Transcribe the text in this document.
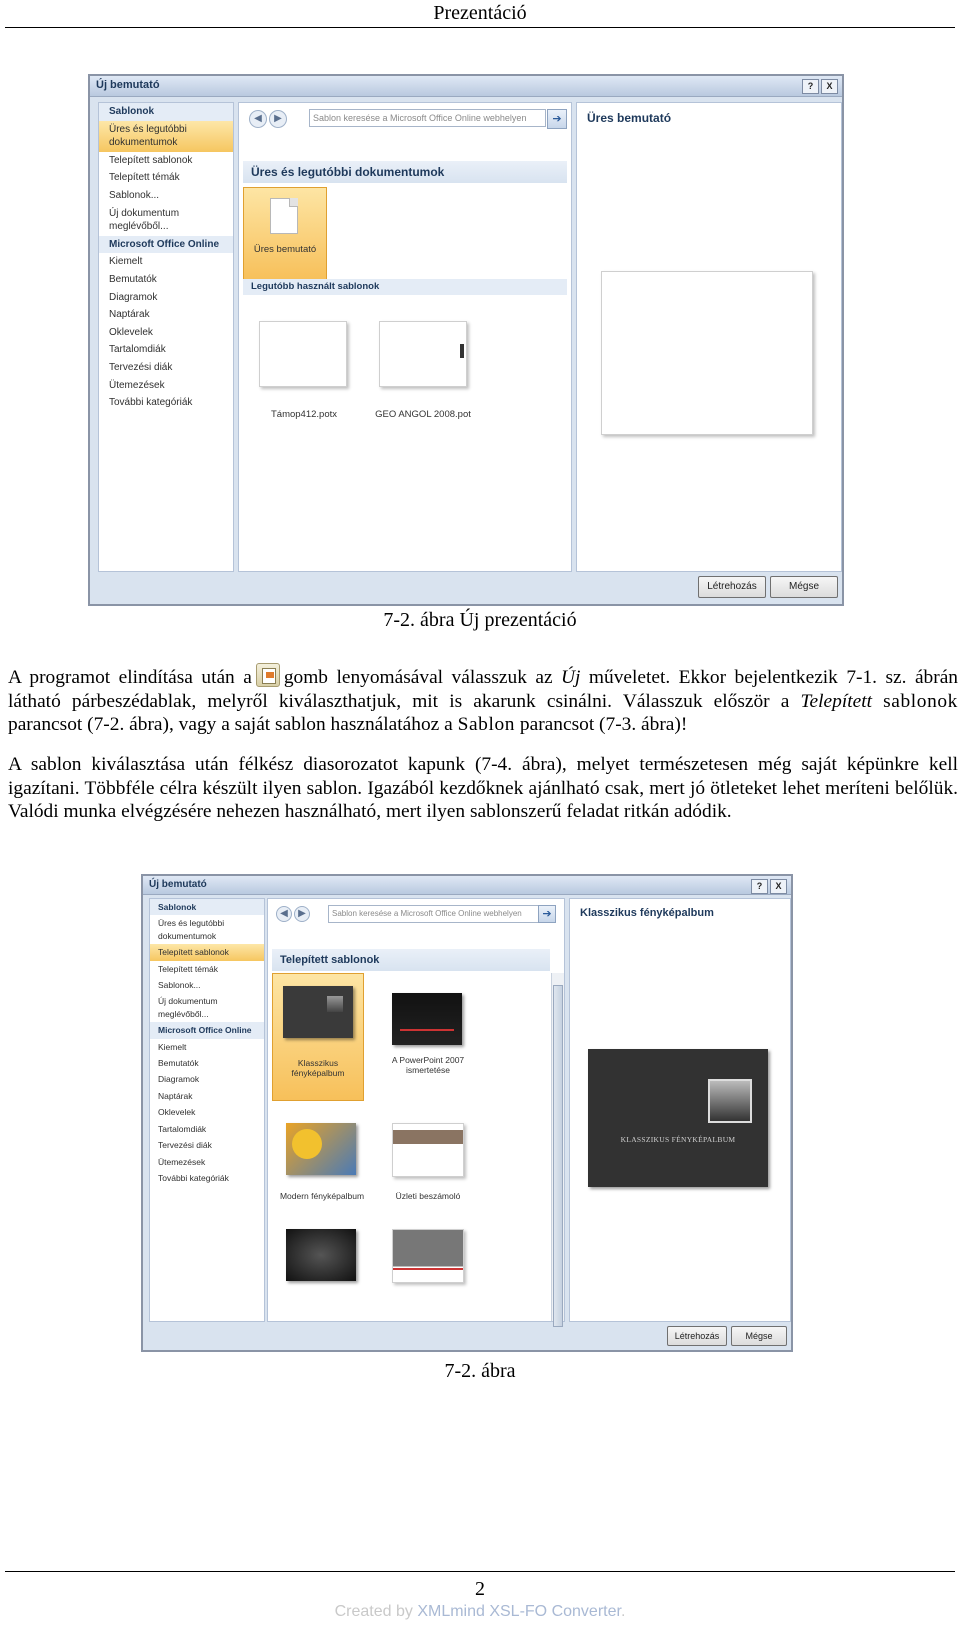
Prezentáció
Új bemutató	?	X
Sablonok
Üres és legutóbbi dokumentumok
Telepített sablonok
Telepített témák
Sablonok...
Új dokumentum meglévőből...
Microsoft Office Online
Kiemelt
Bemutatók
Diagramok
Naptárak
Oklevelek
Tartalomdiák
Tervezési diák
Ütemezések
További kategóriák
◀	▶	Sablon keresése a Microsoft Office Online webhelyen	➔
Üres és legutóbbi dokumentumok
Üres bemutató
Legutóbb használt sablonok
Támop412.potx	GEO ANGOL 2008.pot
Üres bemutató
Létrehozás	Mégse
7-2. ábra Új prezentáció
A programot elindítása után a gomb lenyomásával válasszuk az Új műveletet. Ekkor bejelentkezik 7-1. sz. ábrán látható párbeszédablak, melyről kiválaszthatjuk, mit is akarunk csinálni. Válasszuk először a Telepített sablonok parancsot (7-2. ábra), vagy a saját sablon használatához a Sablon parancsot (7-3. ábra)!
A sablon kiválasztása után félkész diasorozatot kapunk (7-4. ábra), melyet természetesen még saját képünkre kell igazítani. Többféle célra készült ilyen sablon. Igazából kezdőknek ajánlható csak, mert jó ötleteket lehet meríteni belőlük. Valódi munka elvégzésére nehezen használható, mert ilyen sablonszerű feladat ritkán adódik.
Új bemutató	?	X
Sablonok
Üres és legutóbbi dokumentumok
Telepített sablonok
Telepített témák
Sablonok...
Új dokumentum meglévőből...
Microsoft Office Online
Kiemelt
Bemutatók
Diagramok
Naptárak
Oklevelek
Tartalomdiák
Tervezési diák
Ütemezések
További kategóriák
◀	▶	Sablon keresése a Microsoft Office Online webhelyen	➔
Telepített sablonok
Klasszikus fényképalbum
A PowerPoint 2007 ismertetése
Modern fényképalbum	Üzleti beszámoló
Klasszikus fényképalbum
KLASSZIKUS FÉNYKÉPALBUM
Létrehozás	Mégse
7-2. ábra
2
Created by XMLmind XSL-FO Converter.
